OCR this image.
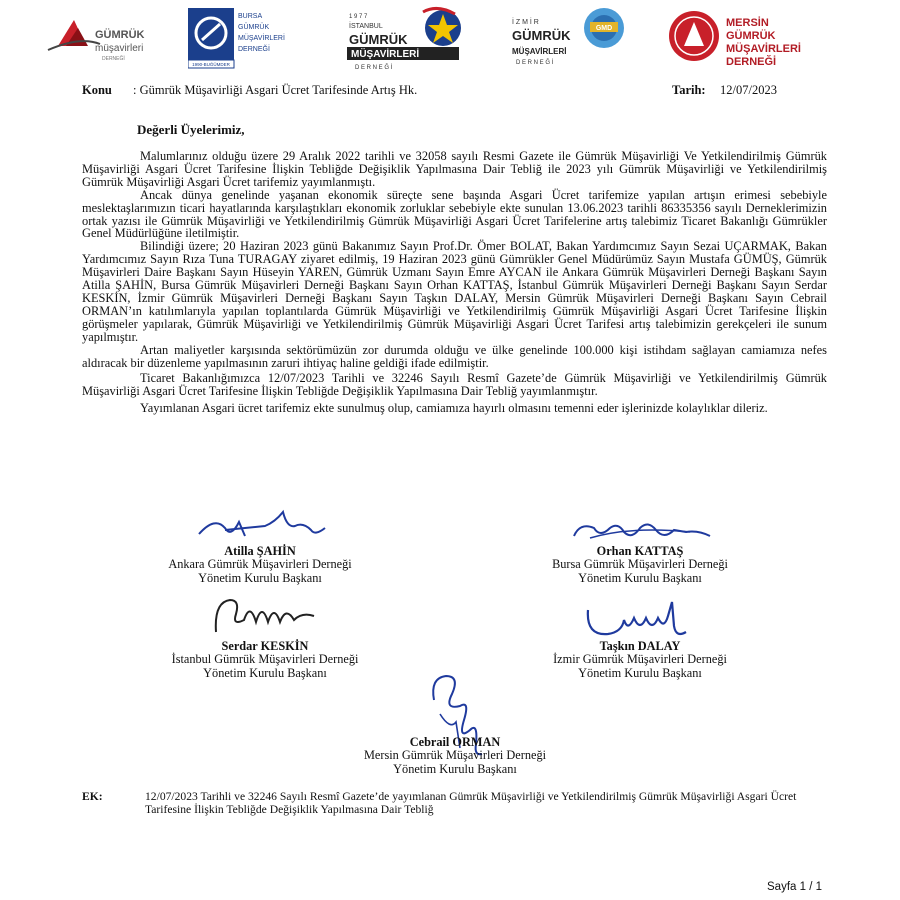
GÜMRÜK
müşavirleri
DERNEĞİ
1990-BUĞÜMDER
BURSA
GÜMRÜK
MÜŞAVİRLERİ
DERNEĞİ
1 9 7 7
İSTANBUL
GÜMRÜK
MÜŞAVİRLERİ
D E R N E Ğ İ
GMD
İ Z M İ R
GÜMRÜK
MÜŞAVİRLERİ
D E R N E Ğ İ
MERSİN
GÜMRÜK
MÜŞAVİRLERİ
DERNEĞİ
Konu : Gümrük Müşavirliği Asgari Ücret Tarifesinde Artış Hk.	Tarih: 12/07/2023
Değerli Üyelerimiz,

Malumlarınız olduğu üzere 29 Aralık 2022 tarihli ve 32058 sayılı Resmi Gazete ile Gümrük Müşavirliği Ve Yetkilendirilmiş Gümrük Müşavirliği Asgari Ücret Tarifesine İlişkin Tebliğde Değişiklik Yapılmasına Dair Tebliğ ile 2023 yılı Gümrük Müşavirliği ve Yetkilendirilmiş Gümrük Müşavirliği Asgari Ücret tarifemiz yayımlanmıştı.

Ancak dünya genelinde yaşanan ekonomik süreçte sene başında Asgari Ücret tarifemize yapılan artışın erimesi sebebiyle meslektaşlarımızın ticari hayatlarında karşılaştıkları ekonomik zorluklar sebebiyle ekte sunulan 13.06.2023 tarihli 86335356 sayılı Derneklerimizin ortak yazısı ile Gümrük Müşavirliği ve Yetkilendirilmiş Gümrük Müşavirliği Asgari Ücret Tarifelerine artış talebimiz Ticaret Bakanlığı Gümrükler Genel Müdürlüğüne iletilmiştir.

Bilindiği üzere; 20 Haziran 2023 günü Bakanımız Sayın Prof.Dr. Ömer BOLAT, Bakan Yardımcımız Sayın Sezai UÇARMAK, Bakan Yardımcımız Sayın Rıza Tuna TURAGAY ziyaret edilmiş, 19 Haziran 2023 günü Gümrükler Genel Müdürümüz Sayın Mustafa GÜMÜŞ, Gümrük Müşavirleri Daire Başkanı Sayın Hüseyin YAREN, Gümrük Uzmanı Sayın Emre AYCAN ile Ankara Gümrük Müşavirleri Derneği Başkanı Sayın Atilla ŞAHİN, Bursa Gümrük Müşavirleri Derneği Başkanı Sayın Orhan KATTAŞ, İstanbul Gümrük Müşavirleri Derneği Başkanı Sayın Serdar KESKİN, İzmir Gümrük Müşavirleri Derneği Başkanı Sayın Taşkın DALAY, Mersin Gümrük Müşavirleri Derneği Başkanı Sayın Cebrail ORMAN’ın katılımlarıyla yapılan toplantılarda Gümrük Müşavirliği ve Yetkilendirilmiş Gümrük Müşavirliği Asgari Ücret Tarifesine İlişkin görüşmeler yapılarak, Gümrük Müşavirliği ve Yetkilendirilmiş Gümrük Müşavirliği Asgari Ücret Tarifesi artış talebimizin gerekçeleri ile sunum yapılmıştır.

Artan maliyetler karşısında sektörümüzün zor durumda olduğu ve ülke genelinde 100.000 kişi istihdam sağlayan camiamıza nefes aldıracak bir düzenleme yapılmasının zaruri ihtiyaç haline geldiği ifade edilmiştir.

Ticaret Bakanlığımızca 12/07/2023 Tarihli ve 32246 Sayılı Resmî Gazete’de Gümrük Müşavirliği ve Yetkilendirilmiş Gümrük Müşavirliği Asgari Ücret Tarifesine İlişkin Tebliğde Değişiklik Yapılmasına Dair Tebliğ yayımlanmıştır.

Yayımlanan Asgari ücret tarifemiz ekte sunulmuş olup, camiamıza hayırlı olmasını temenni eder işlerinizde kolaylıklar dileriz.

Atilla ŞAHİN
Ankara Gümrük Müşavirleri Derneği
Yönetim Kurulu Başkanı
Orhan KATTAŞ
Bursa Gümrük Müşavirleri Derneği
Yönetim Kurulu Başkanı
Serdar KESKİN
İstanbul Gümrük Müşavirleri Derneği
Yönetim Kurulu Başkanı
Taşkın DALAY
İzmir Gümrük Müşavirleri Derneği
Yönetim Kurulu Başkanı
Cebrail ORMAN
Mersin Gümrük Müşavirleri Derneği
Yönetim Kurulu Başkanı
EK:	12/07/2023 Tarihli ve 32246 Sayılı Resmî Gazete’de yayımlanan Gümrük Müşavirliği ve Yetkilendirilmiş Gümrük Müşavirliği Asgari Ücret Tarifesine İlişkin Tebliğde Değişiklik Yapılmasına Dair Tebliğ
Sayfa 1 / 1
